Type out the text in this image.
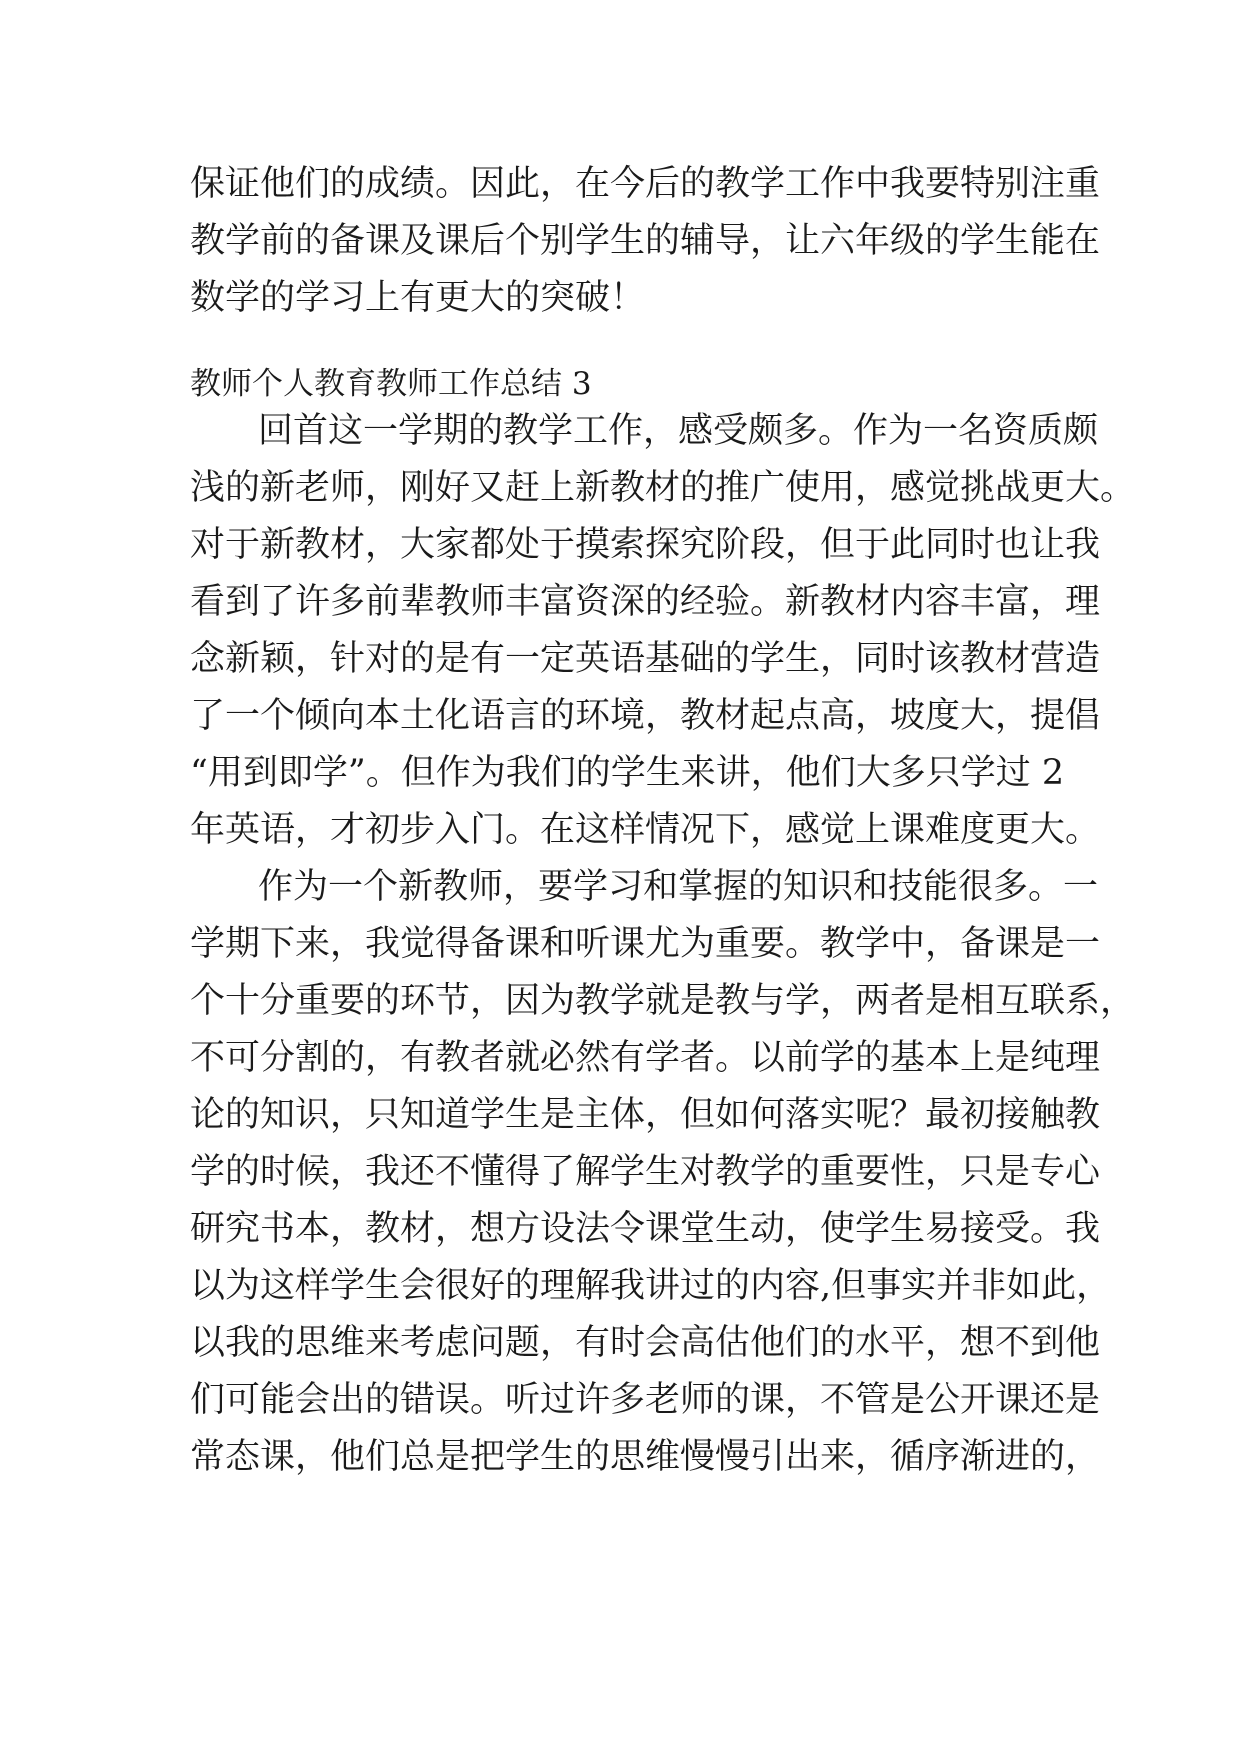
保证他们的成绩。因此，在今后的教学工作中我要特别注重
教学前的备课及课后个别学生的辅导，让六年级的学生能在
数学的学习上有更大的突破！
教师个人教育教师工作总结 3
回首这一学期的教学工作，感受颇多。作为一名资质颇
浅的新老师，刚好又赶上新教材的推广使用，感觉挑战更大。
对于新教材，大家都处于摸索探究阶段，但于此同时也让我
看到了许多前辈教师丰富资深的经验。新教材内容丰富，理
念新颖，针对的是有一定英语基础的学生，同时该教材营造
了一个倾向本土化语言的环境，教材起点高，坡度大，提倡
“用到即学”。但作为我们的学生来讲，他们大多只学过 2
年英语，才初步入门。在这样情况下，感觉上课难度更大。
作为一个新教师，要学习和掌握的知识和技能很多。一
学期下来，我觉得备课和听课尤为重要。教学中，备课是一
个十分重要的环节，因为教学就是教与学，两者是相互联系，
不可分割的，有教者就必然有学者。以前学的基本上是纯理
论的知识，只知道学生是主体，但如何落实呢？最初接触教
学的时候，我还不懂得了解学生对教学的重要性，只是专心
研究书本，教材，想方设法令课堂生动，使学生易接受。我
以为这样学生会很好的理解我讲过的内容,但事实并非如此，
以我的思维来考虑问题，有时会高估他们的水平，想不到他
们可能会出的错误。听过许多老师的课，不管是公开课还是
常态课，他们总是把学生的思维慢慢引出来，循序渐进的，
